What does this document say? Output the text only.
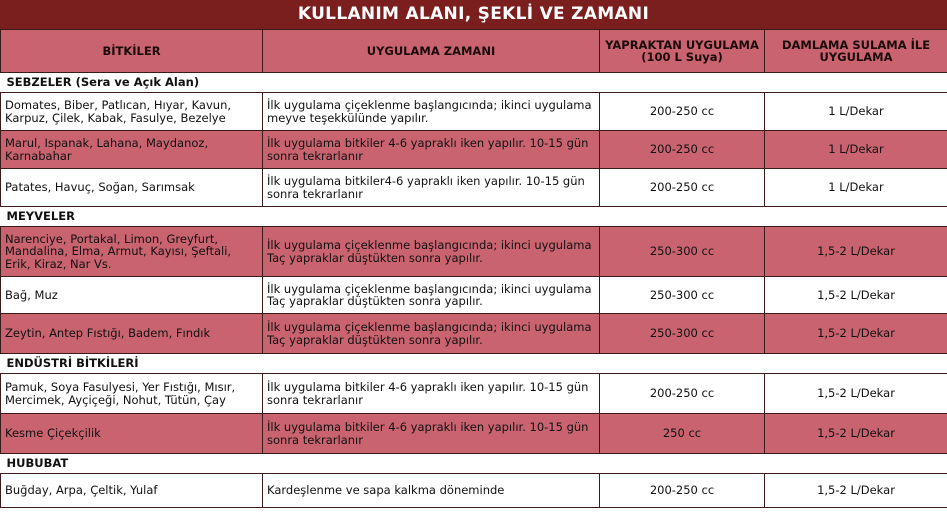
KULLANIM ALANI, ŞEKLİ VE ZAMANI
BİTKİLER	UYGULAMA ZAMANI	YAPRAKTAN UYGULAMA (100 L Suya)	DAMLAMA SULAMA İLE UYGULAMA
SEBZELER (Sera ve Açık Alan)			
Domates, Biber, Patlıcan, Hıyar, Kavun, Karpuz, Çilek, Kabak, Fasulye, Bezelye	İlk uygulama çiçeklenme başlangıcında; ikinci uygulama meyve teşekkülünde yapılır.	200-250 cc	1 L/Dekar
Marul, Ispanak, Lahana, Maydanoz, Karnabahar	İlk uygulama bitkiler 4-6 yapraklı iken yapılır. 10-15 gün sonra tekrarlanır	200-250 cc	1 L/Dekar
Patates, Havuç, Soğan, Sarımsak	İlk uygulama bitkiler4-6 yapraklı iken yapılır. 10-15 gün sonra tekrarlanır	200-250 cc	1 L/Dekar
MEYVELER			
Narenciye, Portakal, Limon, Greyfurt, Mandalina, Elma, Armut, Kayısı, Şeftali, Erik, Kiraz, Nar Vs.	İlk uygulama çiçeklenme başlangıcında; ikinci uygulama Taç yapraklar düştükten sonra yapılır.	250-300 cc	1,5-2 L/Dekar
Bağ, Muz	İlk uygulama çiçeklenme başlangıcında; ikinci uygulama Taç yapraklar düştükten sonra yapılır.	250-300 cc	1,5-2 L/Dekar
Zeytin, Antep Fıstığı, Badem, Fındık	İlk uygulama çiçeklenme başlangıcında; ikinci uygulama Taç yapraklar düştükten sonra yapılır.	250-300 cc	1,5-2 L/Dekar
ENDÜSTRİ BİTKİLERİ			
Pamuk, Soya Fasulyesi, Yer Fıstığı, Mısır, Mercimek, Ayçiçeği, Nohut, Tütün, Çay	İlk uygulama bitkiler 4-6 yapraklı iken yapılır. 10-15 gün sonra tekrarlanır	200-250 cc	1,5-2 L/Dekar
Kesme Çiçekçilik	İlk uygulama bitkiler 4-6 yapraklı iken yapılır. 10-15 gün sonra tekrarlanır	250 cc	1,5-2 L/Dekar
HUBUBAT			
Buğday, Arpa, Çeltik, Yulaf	Kardeşlenme ve sapa kalkma döneminde	200-250 cc	1,5-2 L/Dekar
